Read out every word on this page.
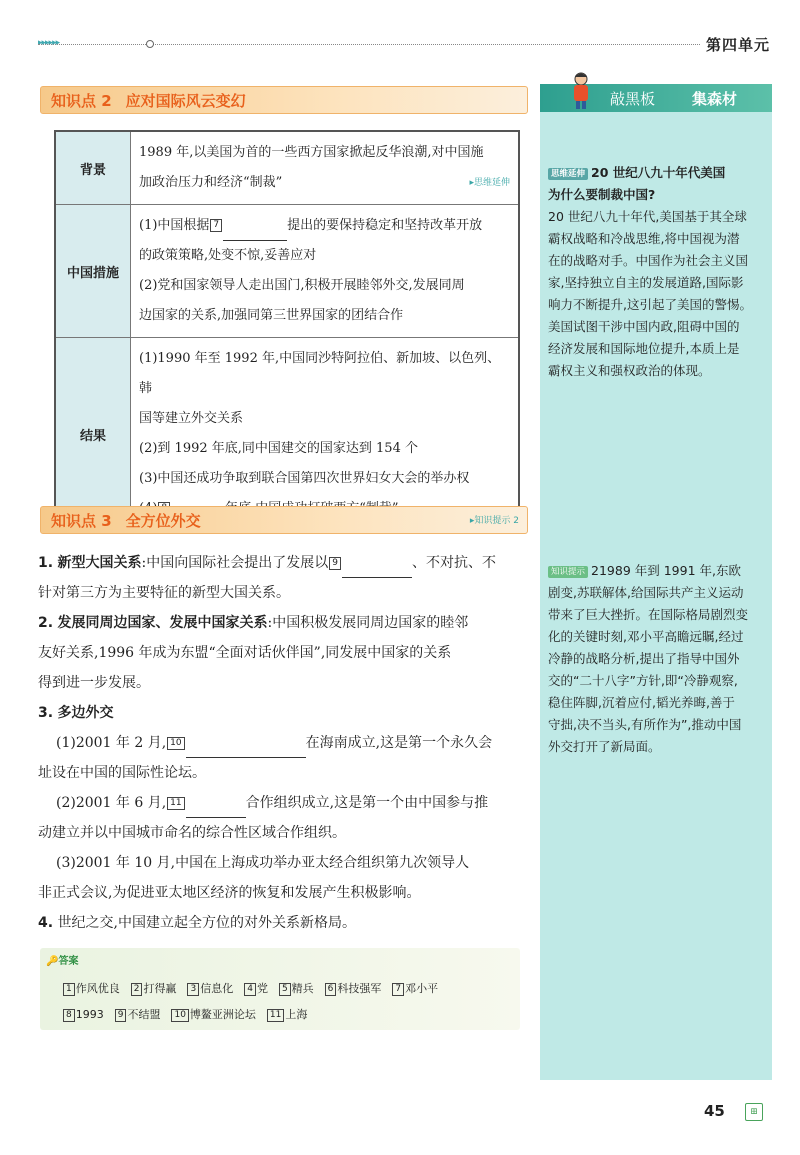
▸▸▸▸▸▸	第四单元
知识点 2 应对国际风云变幻
背景	1989 年,以美国为首的一些西方国家掀起反华浪潮,对中国施
加政治压力和经济“制裁” ▸思维延伸

中国措施	(1)中国根据 7 提出的要保持稳定和坚持改革开放
的政策策略,处变不惊,妥善应对
(2)党和国家领导人走出国门,积极开展睦邻外交,发展同周
边国家的关系,加强同第三世界国家的团结合作

结果	(1)1990 年至 1992 年,中国同沙特阿拉伯、新加坡、以色列、韩
国等建立外交关系
(2)到 1992 年底,同中国建交的国家达到 154 个
(3)中国还成功争取到联合国第四次世界妇女大会的举办权
知识点 3 全方位外交	▸知识提示 2

1. 新型大国关系:中国向国际社会提出了发展以 9	、不对抗、不

针对第三方为主要特征的新型大国关系。

2. 发展同周边国家、发展中国家关系:中国积极发展同周边国家的睦邻

友好关系,1996 年成为东盟“全面对话伙伴国”,同发展中国家的关系

得到进一步发展。

3. 多边外交

(1)2001 年 2 月, 10	在海南成立,这是第一个永久会

址设在中国的国际性论坛。

(2)2001 年 6 月, 11	合作组织成立,这是第一个由中国参与推

动建立并以中国城市命名的综合性区域合作组织。

(3)2001 年 10 月,中国在上海成功举办亚太经合组织第九次领导人

非正式会议,为促进亚太地区经济的恢复和发展产生积极影响。

4. 世纪之交,中国建立起全方位的对外关系新格局。

🔑答案
1 作风优良 2 打得赢 3 信息化 4 党 5 精兵 6 科技强军 7 邓小平
8 1993 9 不结盟 10 博鳌亚洲论坛 11 上海
敲黑板 集森材
思维延伸 20 世纪八九十年代美国
为什么要制裁中国?
20 世纪八九十年代,美国基于其全球
霸权战略和冷战思维,将中国视为潜
在的战略对手。中国作为社会主义国
家,坚持独立自主的发展道路,国际影
响力不断提升,这引起了美国的警惕。
美国试图干涉中国内政,阻碍中国的
经济发展和国际地位提升,本质上是
霸权主义和强权政治的体现。
知识提示 21989 年到 1991 年,东欧
剧变,苏联解体,给国际共产主义运动
带来了巨大挫折。在国际格局剧烈变
化的关键时刻,邓小平高瞻远瞩,经过
冷静的战略分析,提出了指导中国外
交的“二十八字”方针,即“冷静观察,
稳住阵脚,沉着应付,韬光养晦,善于
守拙,决不当头,有所作为”,推动中国
外交打开了新局面。
45	⊞
